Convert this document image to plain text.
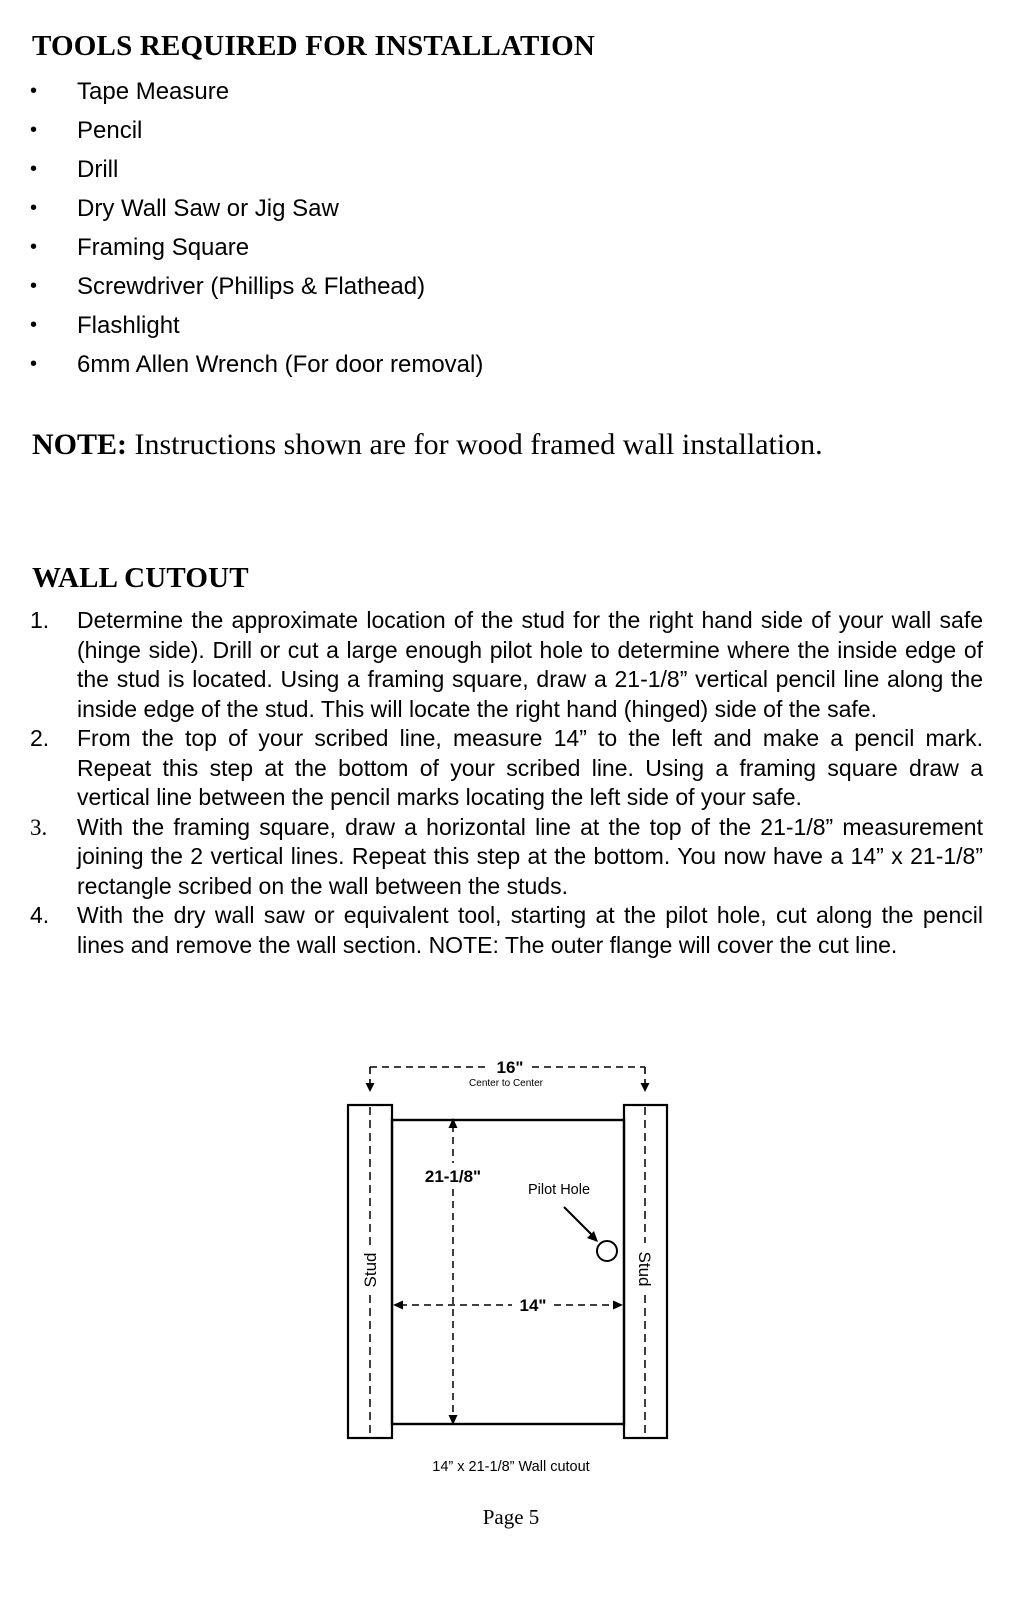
TOOLS REQUIRED FOR INSTALLATION
• Tape Measure
• Pencil
• Drill
• Dry Wall Saw or Jig Saw
• Framing Square
• Screwdriver (Phillips & Flathead)
• Flashlight
• 6mm Allen Wrench (For door removal)

NOTE: Instructions shown are for wood framed wall installation.

WALL CUTOUT
1. Determine the approximate location of the stud for the right hand side of your wall safe (hinge side). Drill or cut a large enough pilot hole to determine where the inside edge of the stud is located. Using a framing square, draw a 21-1/8” vertical pencil line along the inside edge of the stud. This will locate the right hand (hinged) side of the safe.
2. From the top of your scribed line, measure 14” to the left and make a pencil mark. Repeat this step at the bottom of your scribed line. Using a framing square draw a vertical line between the pencil marks locating the left side of your safe.
3. With the framing square, draw a horizontal line at the top of the 21-1/8” measurement joining the 2 vertical lines. Repeat this step at the bottom. You now have a 14” x 21-1/8” rectangle scribed on the wall between the studs.
4. With the dry wall saw or equivalent tool, starting at the pilot hole, cut along the pencil lines and remove the wall section. NOTE: The outer flange will cover the cut line.
16"
Center to Center
21-1/8"
14"
Pilot Hole
Stud	Stud
14” x 21-1/8” Wall cutout
Page 5
